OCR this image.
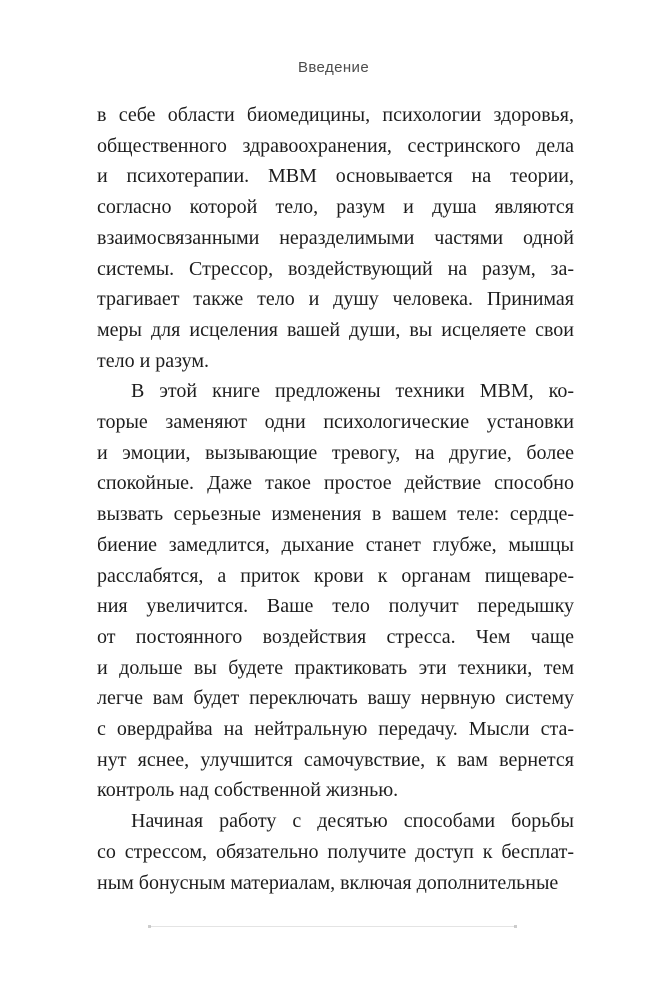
Введение
в себе области биомедицины, психологии здоровья,
общественного здравоохранения, сестринского дела
и психотерапии. МВМ основывается на теории,
согласно которой тело, разум и душа являются
взаимосвязанными неразделимыми частями одной
системы. Стрессор, воздействующий на разум, за-
трагивает также тело и душу человека. Принимая
меры для исцеления вашей души, вы исцеляете свои
тело и разум.
В этой книге предложены техники МВМ, ко-
торые заменяют одни психологические установки
и эмоции, вызывающие тревогу, на другие, более
спокойные. Даже такое простое действие способно
вызвать серьезные изменения в вашем теле: сердце-
биение замедлится, дыхание станет глубже, мышцы
расслабятся, а приток крови к органам пищеваре-
ния увеличится. Ваше тело получит передышку
от постоянного воздействия стресса. Чем чаще
и дольше вы будете практиковать эти техники, тем
легче вам будет переключать вашу нервную систему
с овердрайва на нейтральную передачу. Мысли ста-
нут яснее, улучшится самочувствие, к вам вернется
контроль над собственной жизнью.
Начиная работу с десятью способами борьбы
со стрессом, обязательно получите доступ к бесплат-
ным бонусным материалам, включая дополнительные
